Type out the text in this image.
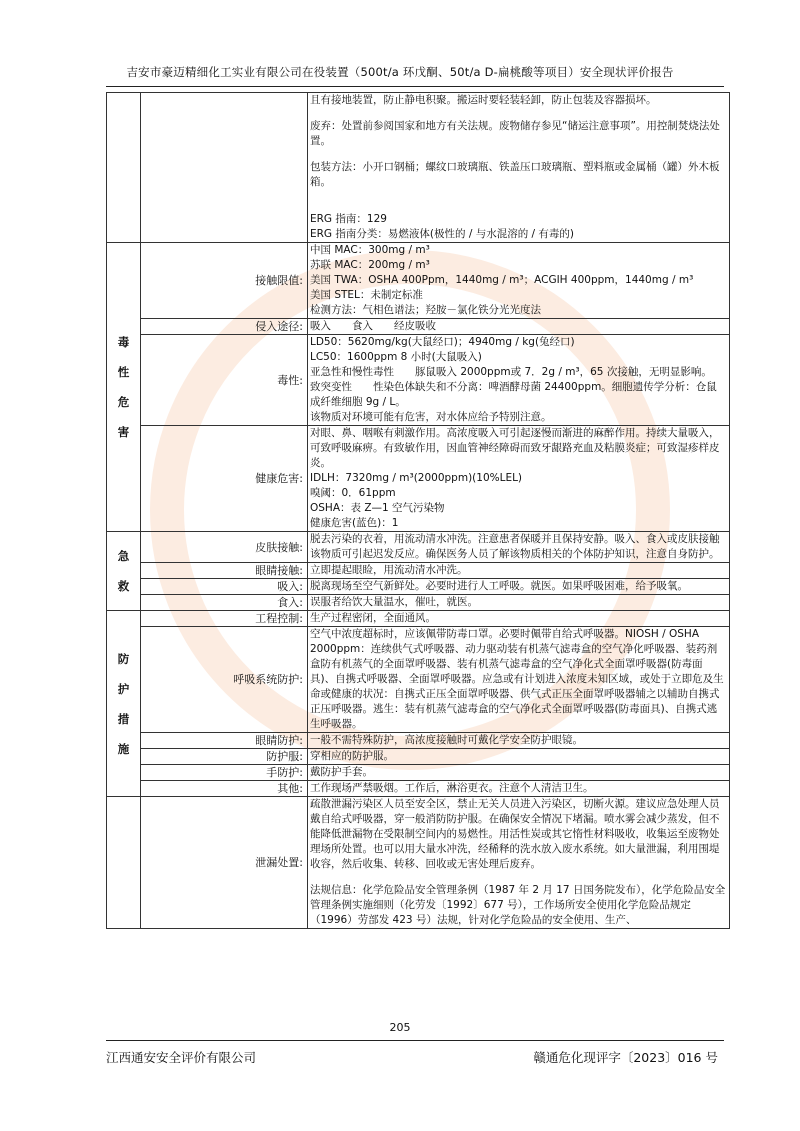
吉安市豪迈精细化工实业有限公司在役装置（500t/a 环戊酮、50t/a D-扁桃酸等项目）安全现状评价报告

		且有接地装置，防止静电积聚。搬运时要轻装轻卸，防止包装及容器损坏。
废弃：处置前参阅国家和地方有关法规。废物储存参见“储运注意事项”。用控制焚烧法处置。
包装方法：小开口钢桶；螺纹口玻璃瓶、铁盖压口玻璃瓶、塑料瓶或金属桶（罐）外木板箱。
ERG 指南：129
ERG 指南分类：易燃液体(极性的 / 与水混溶的 / 有毒的)

毒
性
危
害	接触限值:	中国 MAC：300mg / m³
苏联 MAC：200mg / m³
美国 TWA：OSHA 400Ppm，1440mg / m³；ACGIH 400ppm，1440mg / m³
美国 STEL：未制定标准
检测方法：气相色谱法；羟胺－氯化铁分光光度法

	侵入途径:	吸入　　食入　　经皮吸收

	毒性:	LD50：5620mg/kg(大鼠经口)；4940mg / kg(兔经口)
LC50：1600ppm 8 小时(大鼠吸入)
亚急性和慢性毒性　　豚鼠吸入 2000ppm或 7．2g / m³，65 次接触，无明显影响。
致突变性　　性染色体缺失和不分离：啤酒酵母菌 24400ppm。细胞遗传学分析：仓鼠成纤维细胞 9g / L。
该物质对环境可能有危害，对水体应给予特别注意。

	健康危害:	对眼、鼻、咽喉有刺激作用。高浓度吸入可引起逐慢而渐进的麻醉作用。持续大量吸入，可致呼吸麻痹。有致敏作用，因血管神经障碍而致牙龈路充血及粘膜炎症；可致湿疹样皮炎。
IDLH：7320mg / m³(2000ppm)(10%LEL)
嗅阈：0．61ppm
OSHA：表 Z—1 空气污染物
健康危害(蓝色)：1

急
救	皮肤接触:	脱去污染的衣着，用流动清水冲洗。注意患者保暖并且保持安静。吸入、食入或皮肤接触该物质可引起迟发反应。确保医务人员了解该物质相关的个体防护知识，注意自身防护。

	眼睛接触:	立即提起眼睑，用流动清水冲洗。

	吸入:	脱离现场至空气新鲜处。必要时进行人工呼吸。就医。如果呼吸困难，给予吸氧。

	食入:	误服者给饮大量温水，催吐，就医。

防
护
措
施	工程控制:	生产过程密闭，全面通风。

	呼吸系统防护:	空气中浓度超标时，应该佩带防毒口罩。必要时佩带自给式呼吸器。NIOSH / OSHA　　2000ppm：连续供气式呼吸器、动力驱动装有机蒸气滤毒盒的空气净化呼吸器、装药剂盒防有机蒸气的全面罩呼吸器、装有机蒸气滤毒盒的空气净化式全面罩呼吸器(防毒面具)、自携式呼吸器、全面罩呼吸器。应急或有计划进入浓度未知区域，或处于立即危及生命或健康的状况：自携式正压全面罩呼吸器、供气式正压全面罩呼吸器辅之以辅助自携式正压呼吸器。逃生：装有机蒸气滤毒盒的空气净化式全面罩呼吸器(防毒面具)、自携式逃生呼吸器。

	眼睛防护:	一般不需特殊防护，高浓度接触时可戴化学安全防护眼镜。

	防护服:	穿相应的防护服。

	手防护:	戴防护手套。

	其他:	工作现场严禁吸烟。工作后，淋浴更衣。注意个人清洁卫生。

	泄漏处置:	疏散泄漏污染区人员至安全区，禁止无关人员进入污染区，切断火源。建议应急处理人员戴自给式呼吸器，穿一般消防防护服。在确保安全情况下堵漏。喷水雾会减少蒸发，但不能降低泄漏物在受限制空间内的易燃性。用活性炭或其它惰性材料吸收，收集运至废物处理场所处置。也可以用大量水冲洗，经稀释的洗水放入废水系统。如大量泄漏，利用围堤收容，然后收集、转移、回收或无害处理后废弃。
法规信息：化学危险品安全管理条例（1987 年 2 月 17 日国务院发布），化学危险品安全管理条例实施细则（化劳发〔1992〕677 号），工作场所安全使用化学危险品规定（1996）劳部发 423 号）法规，针对化学危险品的安全使用、生产、
205
江西通安安全评价有限公司	赣通危化现评字〔2023〕016 号
